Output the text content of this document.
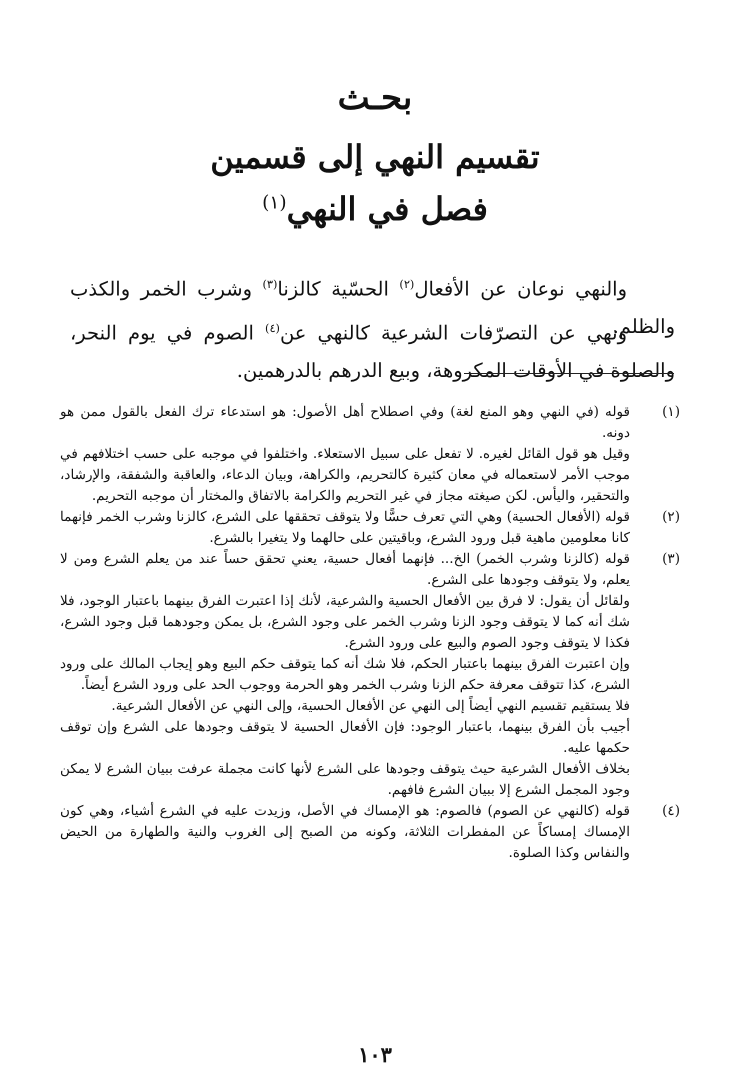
بحـث
تقسيم النهي إلى قسمين
فصل في النهي$^{(١)}$

والنهي نوعان عن الأفعال$^{(٢)}$ الحسّية كالزنا$^{(٣)}$ وشرب الخمر والكذب والظلم.

ونهي عن التصرّفات الشرعية كالنهي عن$^{(٤)}$ الصوم في يوم النحر، والصلوة في الأوقات المكروهة، وبيع الدرهم بالدرهمين.

(١)

قوله (في النهي وهو المنع لغة) وفي اصطلاح أهل الأصول: هو استدعاء ترك الفعل بالقول ممن هو دونه.

وقيل هو قول القائل لغيره. لا تفعل على سبيل الاستعلاء. واختلفوا في موجبه على حسب اختلافهم في موجب الأمر لاستعماله في معان كثيرة كالتحريم، والكراهة، وبيان الدعاء، والعاقبة والشفقة، والإرشاد، والتحقير، واليأس. لكن صيغته مجاز في غير التحريم والكرامة بالاتفاق والمختار أن موجبه التحريم.

(٢)

قوله (الأفعال الحسية) وهي التي تعرف حسًّا ولا يتوقف تحققها على الشرع، كالزنا وشرب الخمر فإنهما كانا معلومين ماهية قبل ورود الشرع، وباقيتين على حالهما ولا يتغيرا بالشرع.

(٣)

قوله (كالزنا وشرب الخمر) الخ... فإنهما أفعال حسية، يعني تحقق حساً عند من يعلم الشرع ومن لا يعلم، ولا يتوقف وجودها على الشرع.

ولقائل أن يقول: لا فرق بين الأفعال الحسية والشرعية، لأنك إذا اعتبرت الفرق بينهما باعتبار الوجود، فلا شك أنه كما لا يتوقف وجود الزنا وشرب الخمر على وجود الشرع، بل يمكن وجودهما قبل وجود الشرع، فكذا لا يتوقف وجود الصوم والبيع على ورود الشرع.

وإن اعتبرت الفرق بينهما باعتبار الحكم، فلا شك أنه كما يتوقف حكم البيع وهو إيجاب المالك على ورود الشرع، كذا تتوقف معرفة حكم الزنا وشرب الخمر وهو الحرمة ووجوب الحد على ورود الشرع أيضاً.

فلا يستقيم تقسيم النهي أيضاً إلى النهي عن الأفعال الحسية، وإلى النهي عن الأفعال الشرعية.

أجيب بأن الفرق بينهما، باعتبار الوجود: فإن الأفعال الحسية لا يتوقف وجودها على الشرع وإن توقف حكمها عليه.

بخلاف الأفعال الشرعية حيث يتوقف وجودها على الشرع لأنها كانت مجملة عرفت ببيان الشرع لا يمكن وجود المجمل الشرع إلا ببيان الشرع فافهم.

(٤)

قوله (كالنهي عن الصوم) فالصوم: هو الإمساك في الأصل، وزيدت عليه في الشرع أشياء، وهي كون الإمساك إمساكاً عن المفطرات الثلاثة، وكونه من الصبح إلى الغروب والنية والطهارة من الحيض والنفاس وكذا الصلوة.

١٠٣
